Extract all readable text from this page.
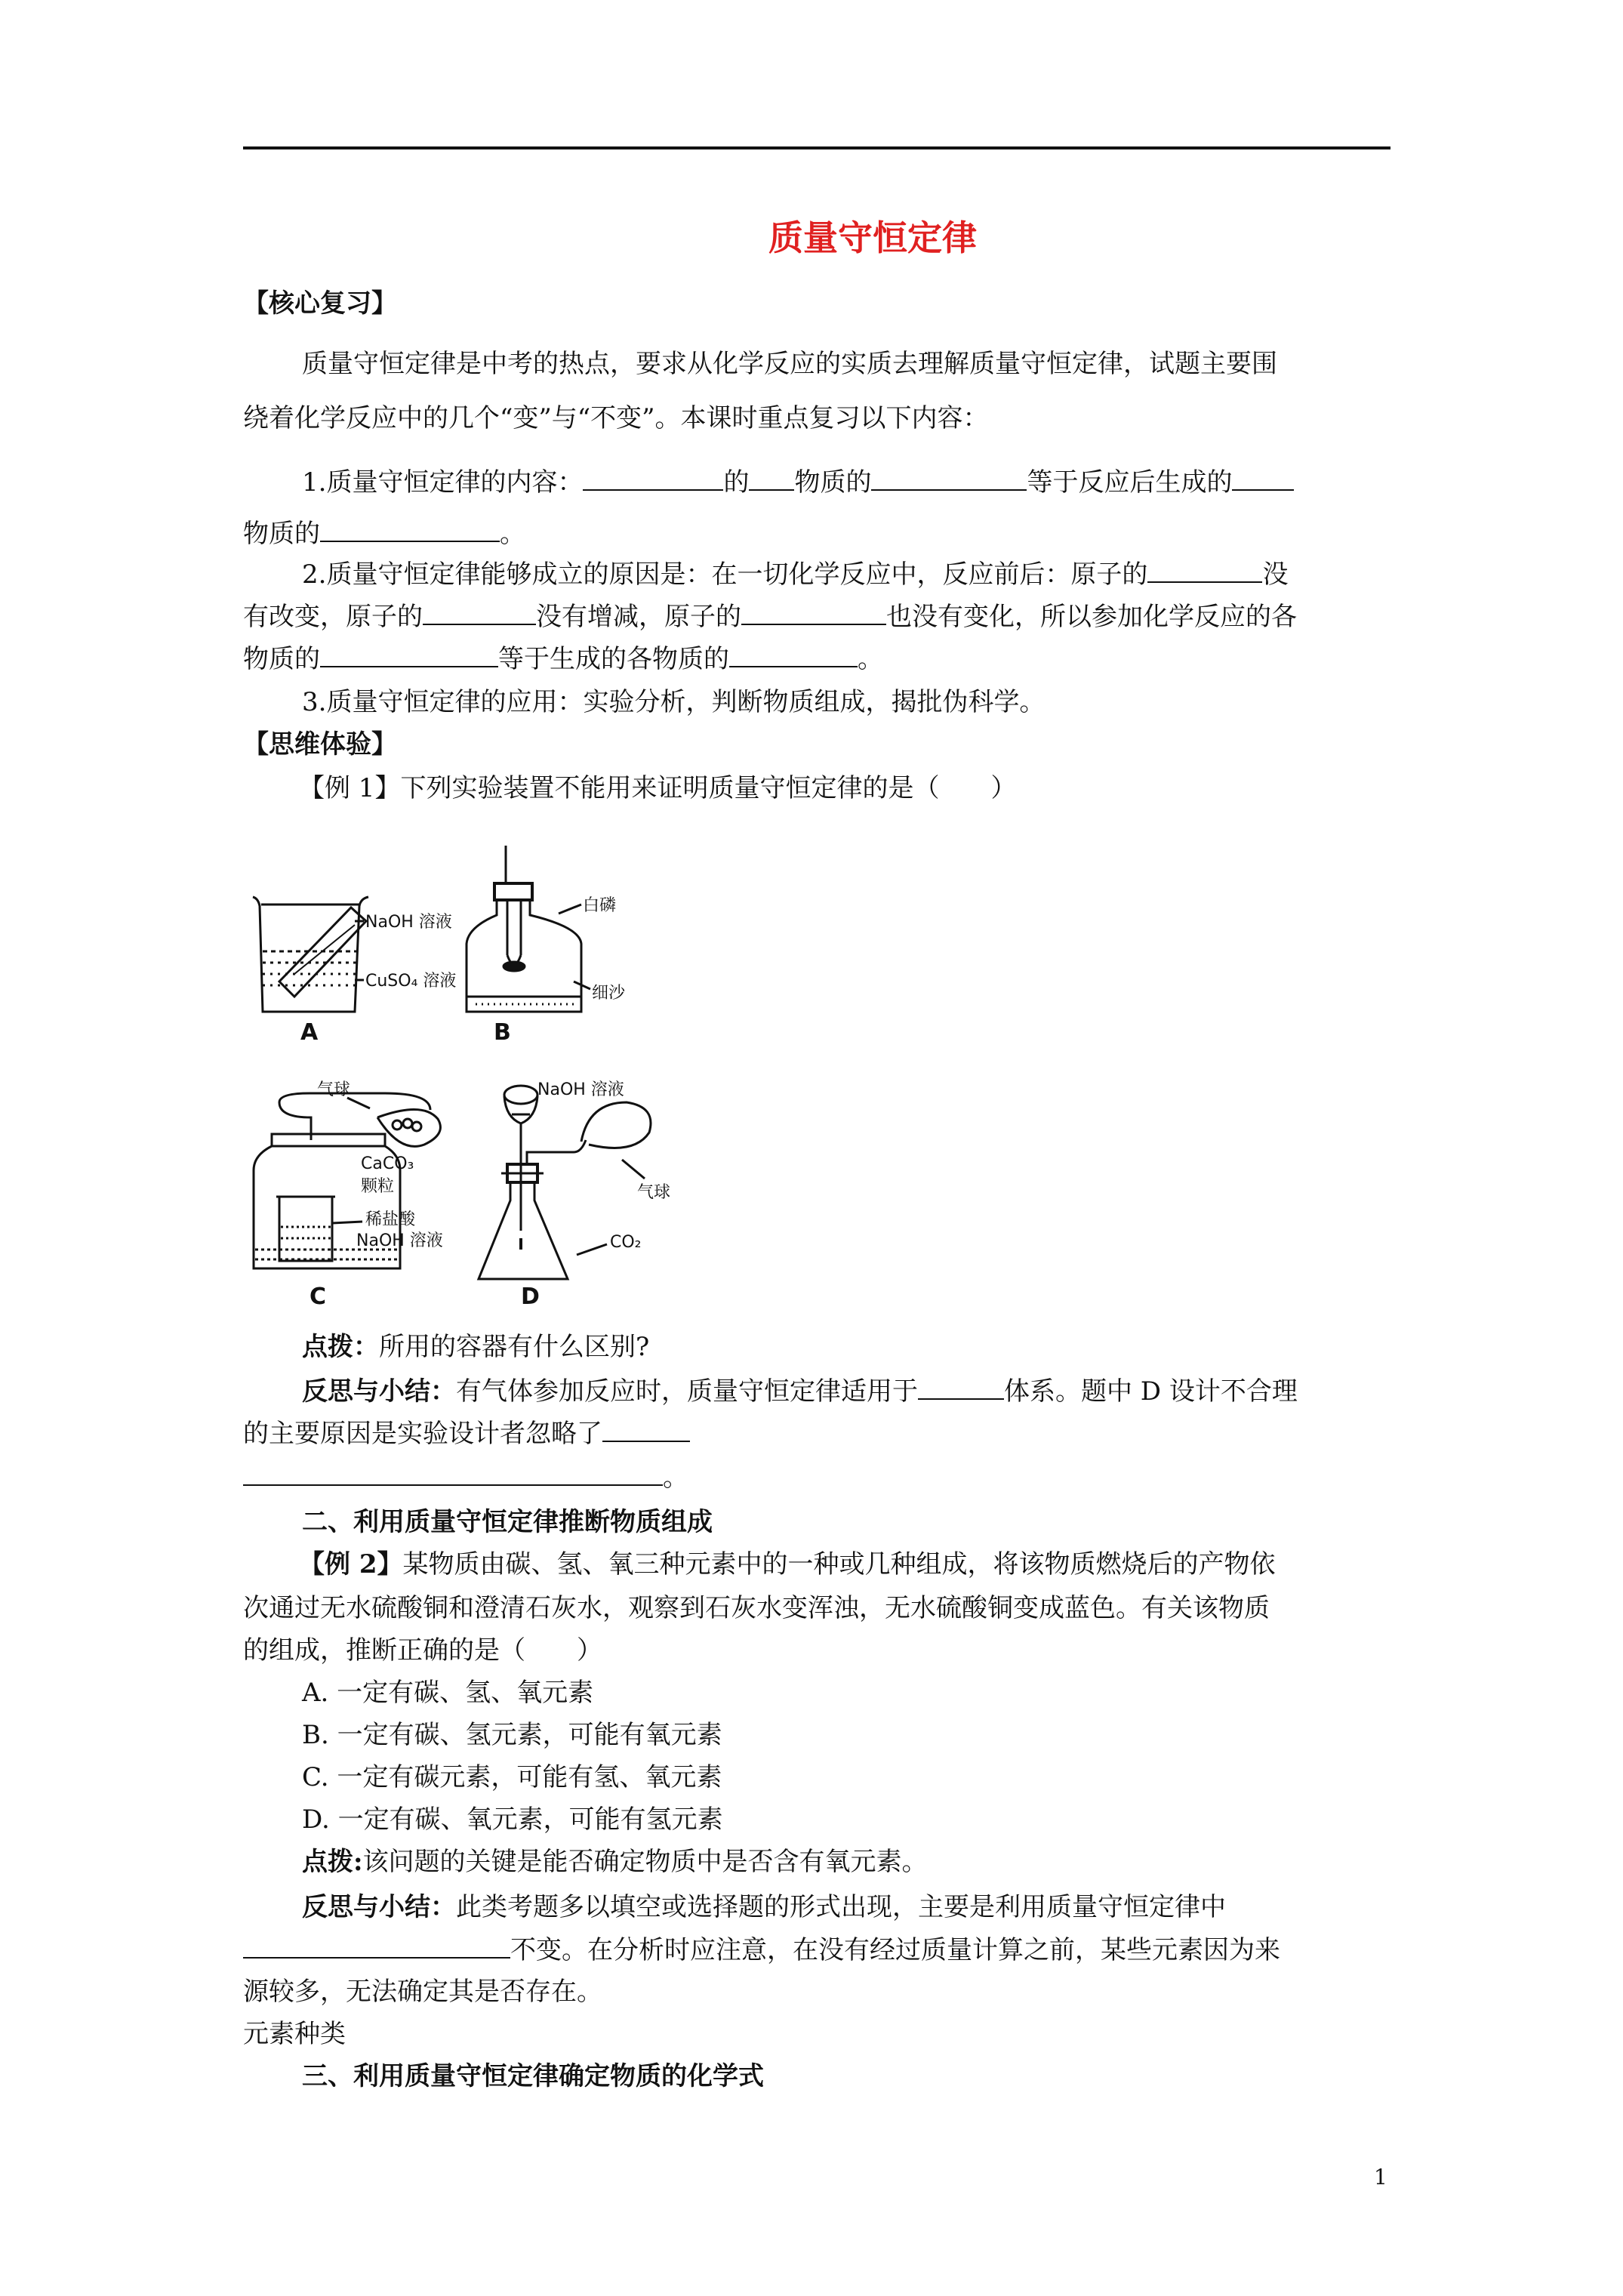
质量守恒定律
【核心复习】
质量守恒定律是中考的热点，要求从化学反应的实质去理解质量守恒定律，试题主要围
绕着化学反应中的几个“变”与“不变”。本课时重点复习以下内容：
1.质量守恒定律的内容：	的 物质的	等于反应后生成的
物质的	。
2.质量守恒定律能够成立的原因是：在一切化学反应中，反应前后：原子的	没
有改变，原子的	没有增减，原子的	也没有变化，所以参加化学反应的各
物质的	等于生成的各物质的	。
3.质量守恒定律的应用：实验分析，判断物质组成，揭批伪科学。
【思维体验】
【例 1】下列实验装置不能用来证明质量守恒定律的是（　　）
NaOH 溶液
CuSO₄ 溶液
A
白磷
细沙
B
气球
CaCO₃
颗粒
稀盐酸
NaOH 溶液
C
NaOH 溶液
气球
CO₂
D
点拨：所用的容器有什么区别?
反思与小结：有气体参加反应时，质量守恒定律适用于	体系。题中 D 设计不合理
的主要原因是实验设计者忽略了
。
二、利用质量守恒定律推断物质组成
【例 2】某物质由碳、氢、氧三种元素中的一种或几种组成，将该物质燃烧后的产物依
次通过无水硫酸铜和澄清石灰水，观察到石灰水变浑浊，无水硫酸铜变成蓝色。有关该物质
的组成，推断正确的是（　　）
A. 一定有碳、氢、氧元素
B. 一定有碳、氢元素，可能有氧元素
C. 一定有碳元素，可能有氢、氧元素
D. 一定有碳、氧元素，可能有氢元素
点拨:该问题的关键是能否确定物质中是否含有氧元素。
反思与小结：此类考题多以填空或选择题的形式出现，主要是利用质量守恒定律中
不变。在分析时应注意，在没有经过质量计算之前，某些元素因为来
源较多，无法确定其是否存在。
元素种类
三、利用质量守恒定律确定物质的化学式
1
